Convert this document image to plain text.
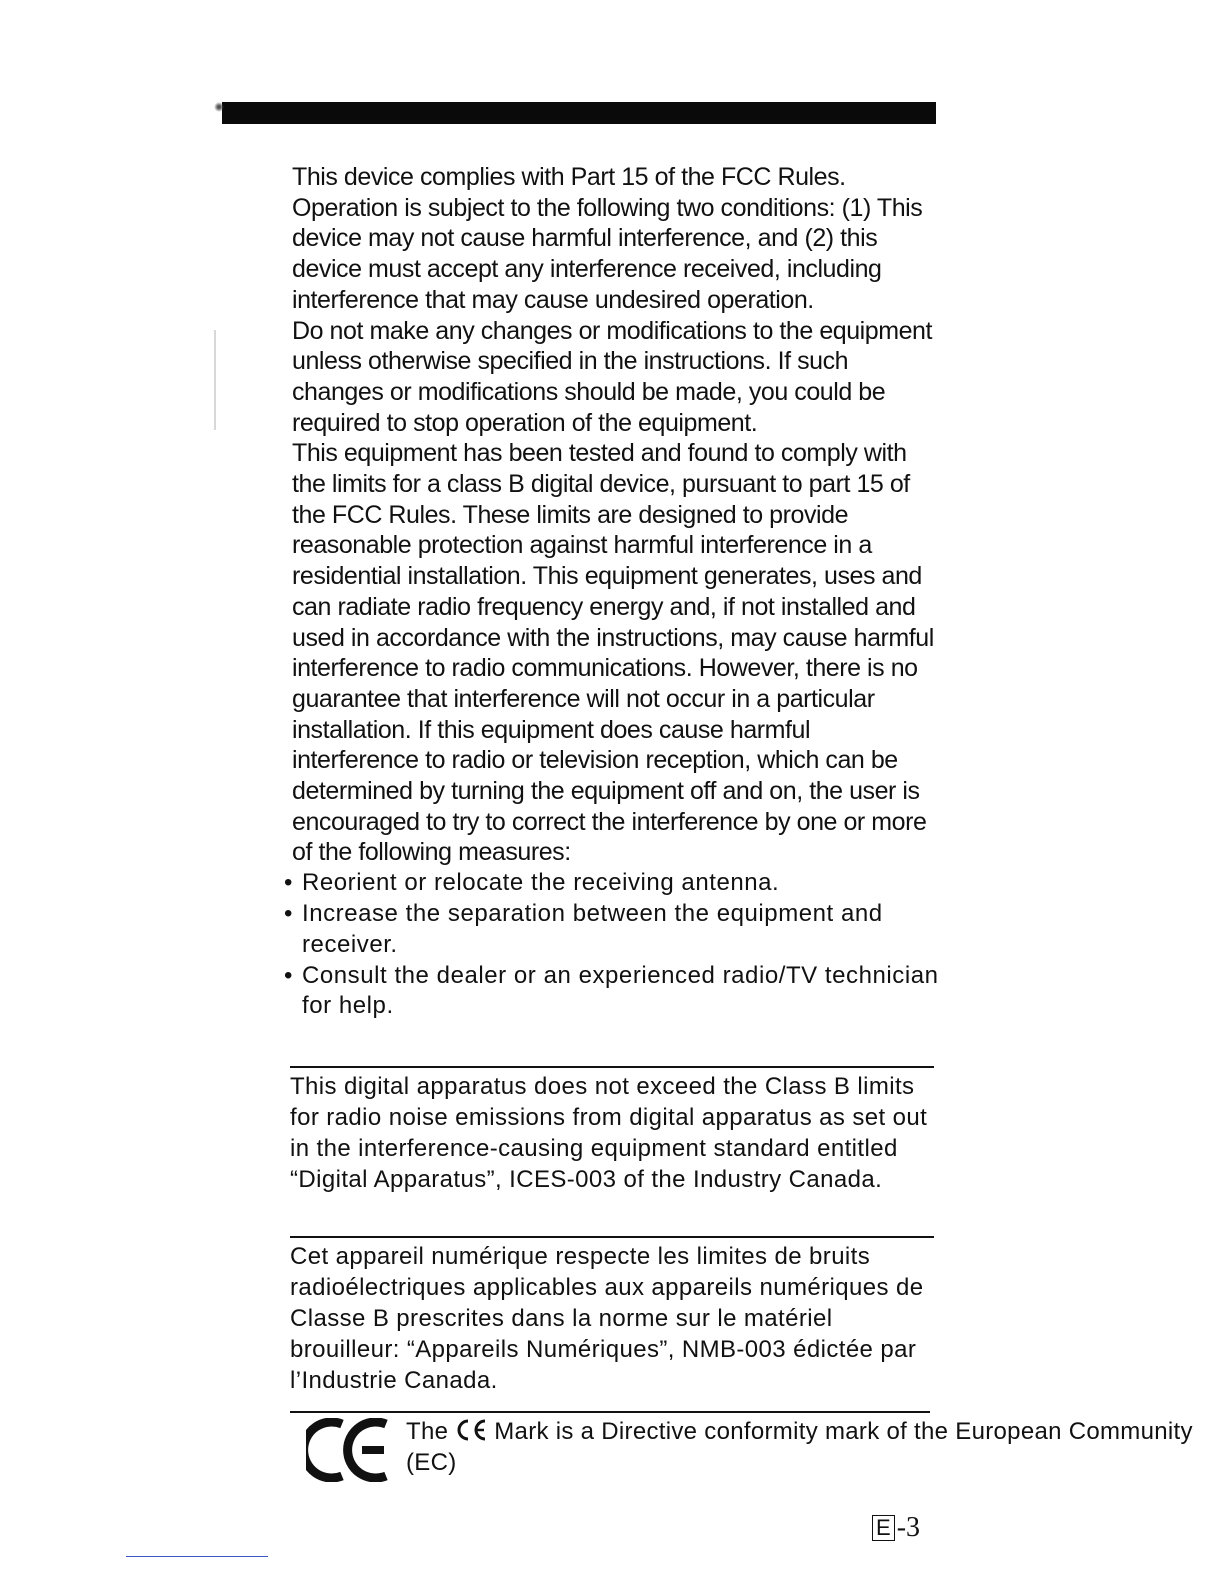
This device complies with Part 15 of the FCC Rules. Operation is subject to the following two conditions: (1) This device may not cause harmful interference, and (2) this device must accept any interference received, including interference that may cause undesired operation.

Do not make any changes or modifications to the equipment unless otherwise specified in the instructions. If such changes or modifications should be made, you could be required to stop operation of the equipment.

This equipment has been tested and found to comply with the limits for a class B digital device, pursuant to part 15 of the FCC Rules. These limits are designed to provide reasonable protection against harmful interference in a residential installation. This equipment generates, uses and can radiate radio frequency energy and, if not installed and used in accordance with the instructions, may cause harmful interference to radio communications. However, there is no guarantee that interference will not occur in a particular installation. If this equipment does cause harmful interference to radio or television reception, which can be determined by turning the equipment off and on, the user is encouraged to try to correct the interference by one or more of the following measures:

• Reorient or relocate the receiving antenna.
• Increase the separation between the equipment and receiver.
• Consult the dealer or an experienced radio/TV technician for help.
This digital apparatus does not exceed the Class B limits for radio noise emissions from digital apparatus as set out in the interference-causing equipment standard entitled “Digital Apparatus”, ICES-003 of the Industry Canada.
Cet appareil numérique respecte les limites de bruits radioélectriques applicables aux appareils numériques de Classe B prescrites dans la norme sur le matériel brouilleur: “Appareils Numériques”, NMB-003 édictée par l’Industrie Canada.
The Mark is a Directive conformity mark of the European Community (EC)
E -3
